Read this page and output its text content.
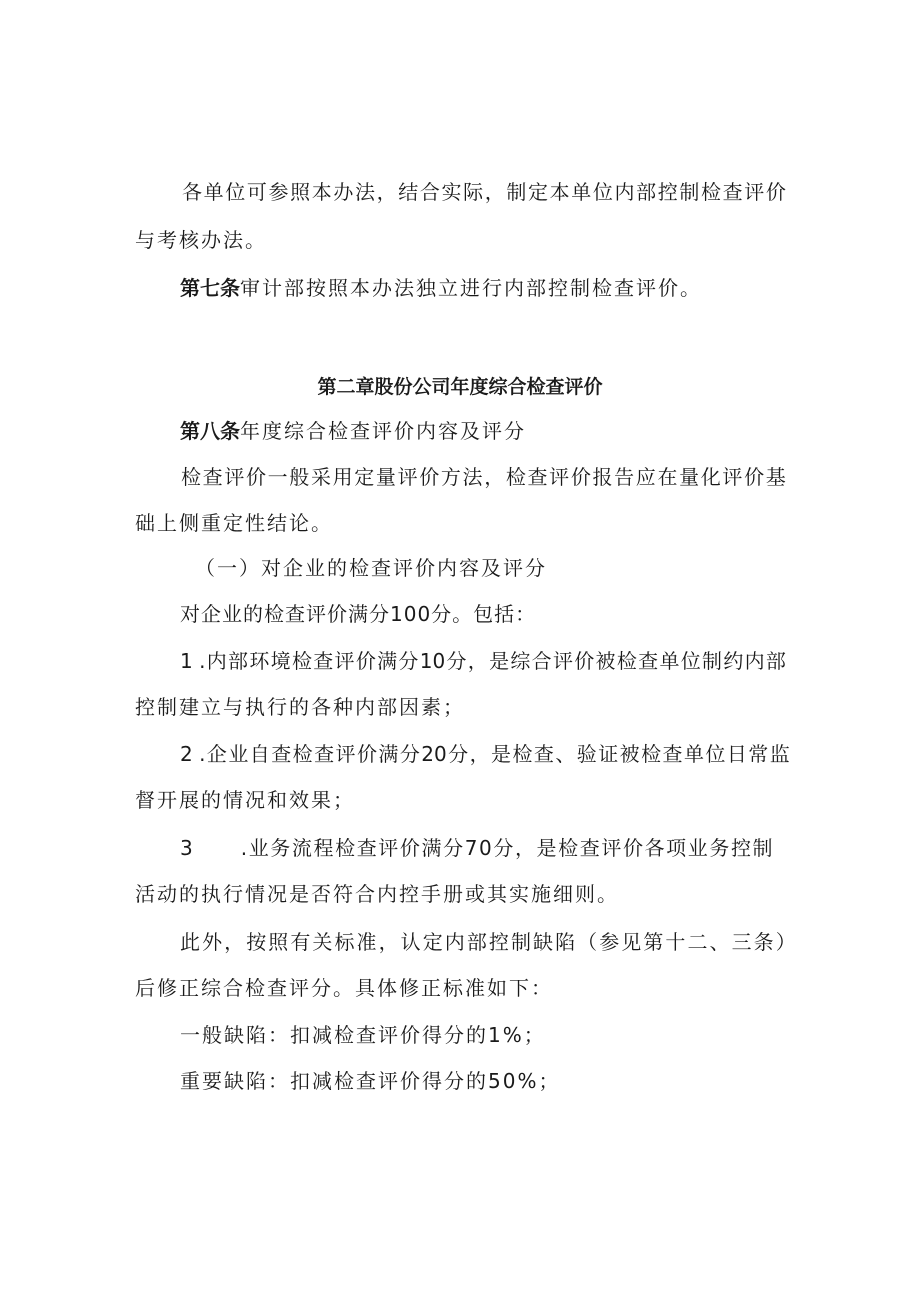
各 单 位 可 参 照 本 办 法 ， 结 合 实 际 ， 制 定 本 单 位 内 部 控 制 检 查 评 价
与考核办法。
第七条审计部按照本办法独立进行内部控制检查评价。
第二章股份公司年度综合检查评价
第八条年度综合检查评价内容及评分
检 查 评 价 一 般 采 用 定 量 评 价 方 法 ， 检 查 评 价 报 告 应 在 量 化 评 价 基
础上侧重定性结论。
（一）对企业的检查评价内容及评分
对企业的检查评价满分100分。包括：
1 . 内 部 环 境 检 查 评 价 满 分 10 分 ， 是 综 合 评 价 被 检 查 单 位 制 约 内 部
控制建立与执行的各种内部因素；
2 . 企 业 自 查 检 查 评 价 满 分 20 分 ， 是 检 查 、 验 证 被 检 查 单 位 日 常 监
督开展的情况和效果；
3 .业务流程检查评价满分70分，是检查评价各项业务控制
活动的执行情况是否符合内控手册或其实施细则。
此 外 ， 按 照 有 关 标 准 ， 认 定 内 部 控 制 缺 陷 （ 参 见 第 十 二 、 三 条 ）
后修正综合检查评分。具体修正标准如下：
一般缺陷：扣减检查评价得分的1%；
重要缺陷：扣减检查评价得分的50%；
